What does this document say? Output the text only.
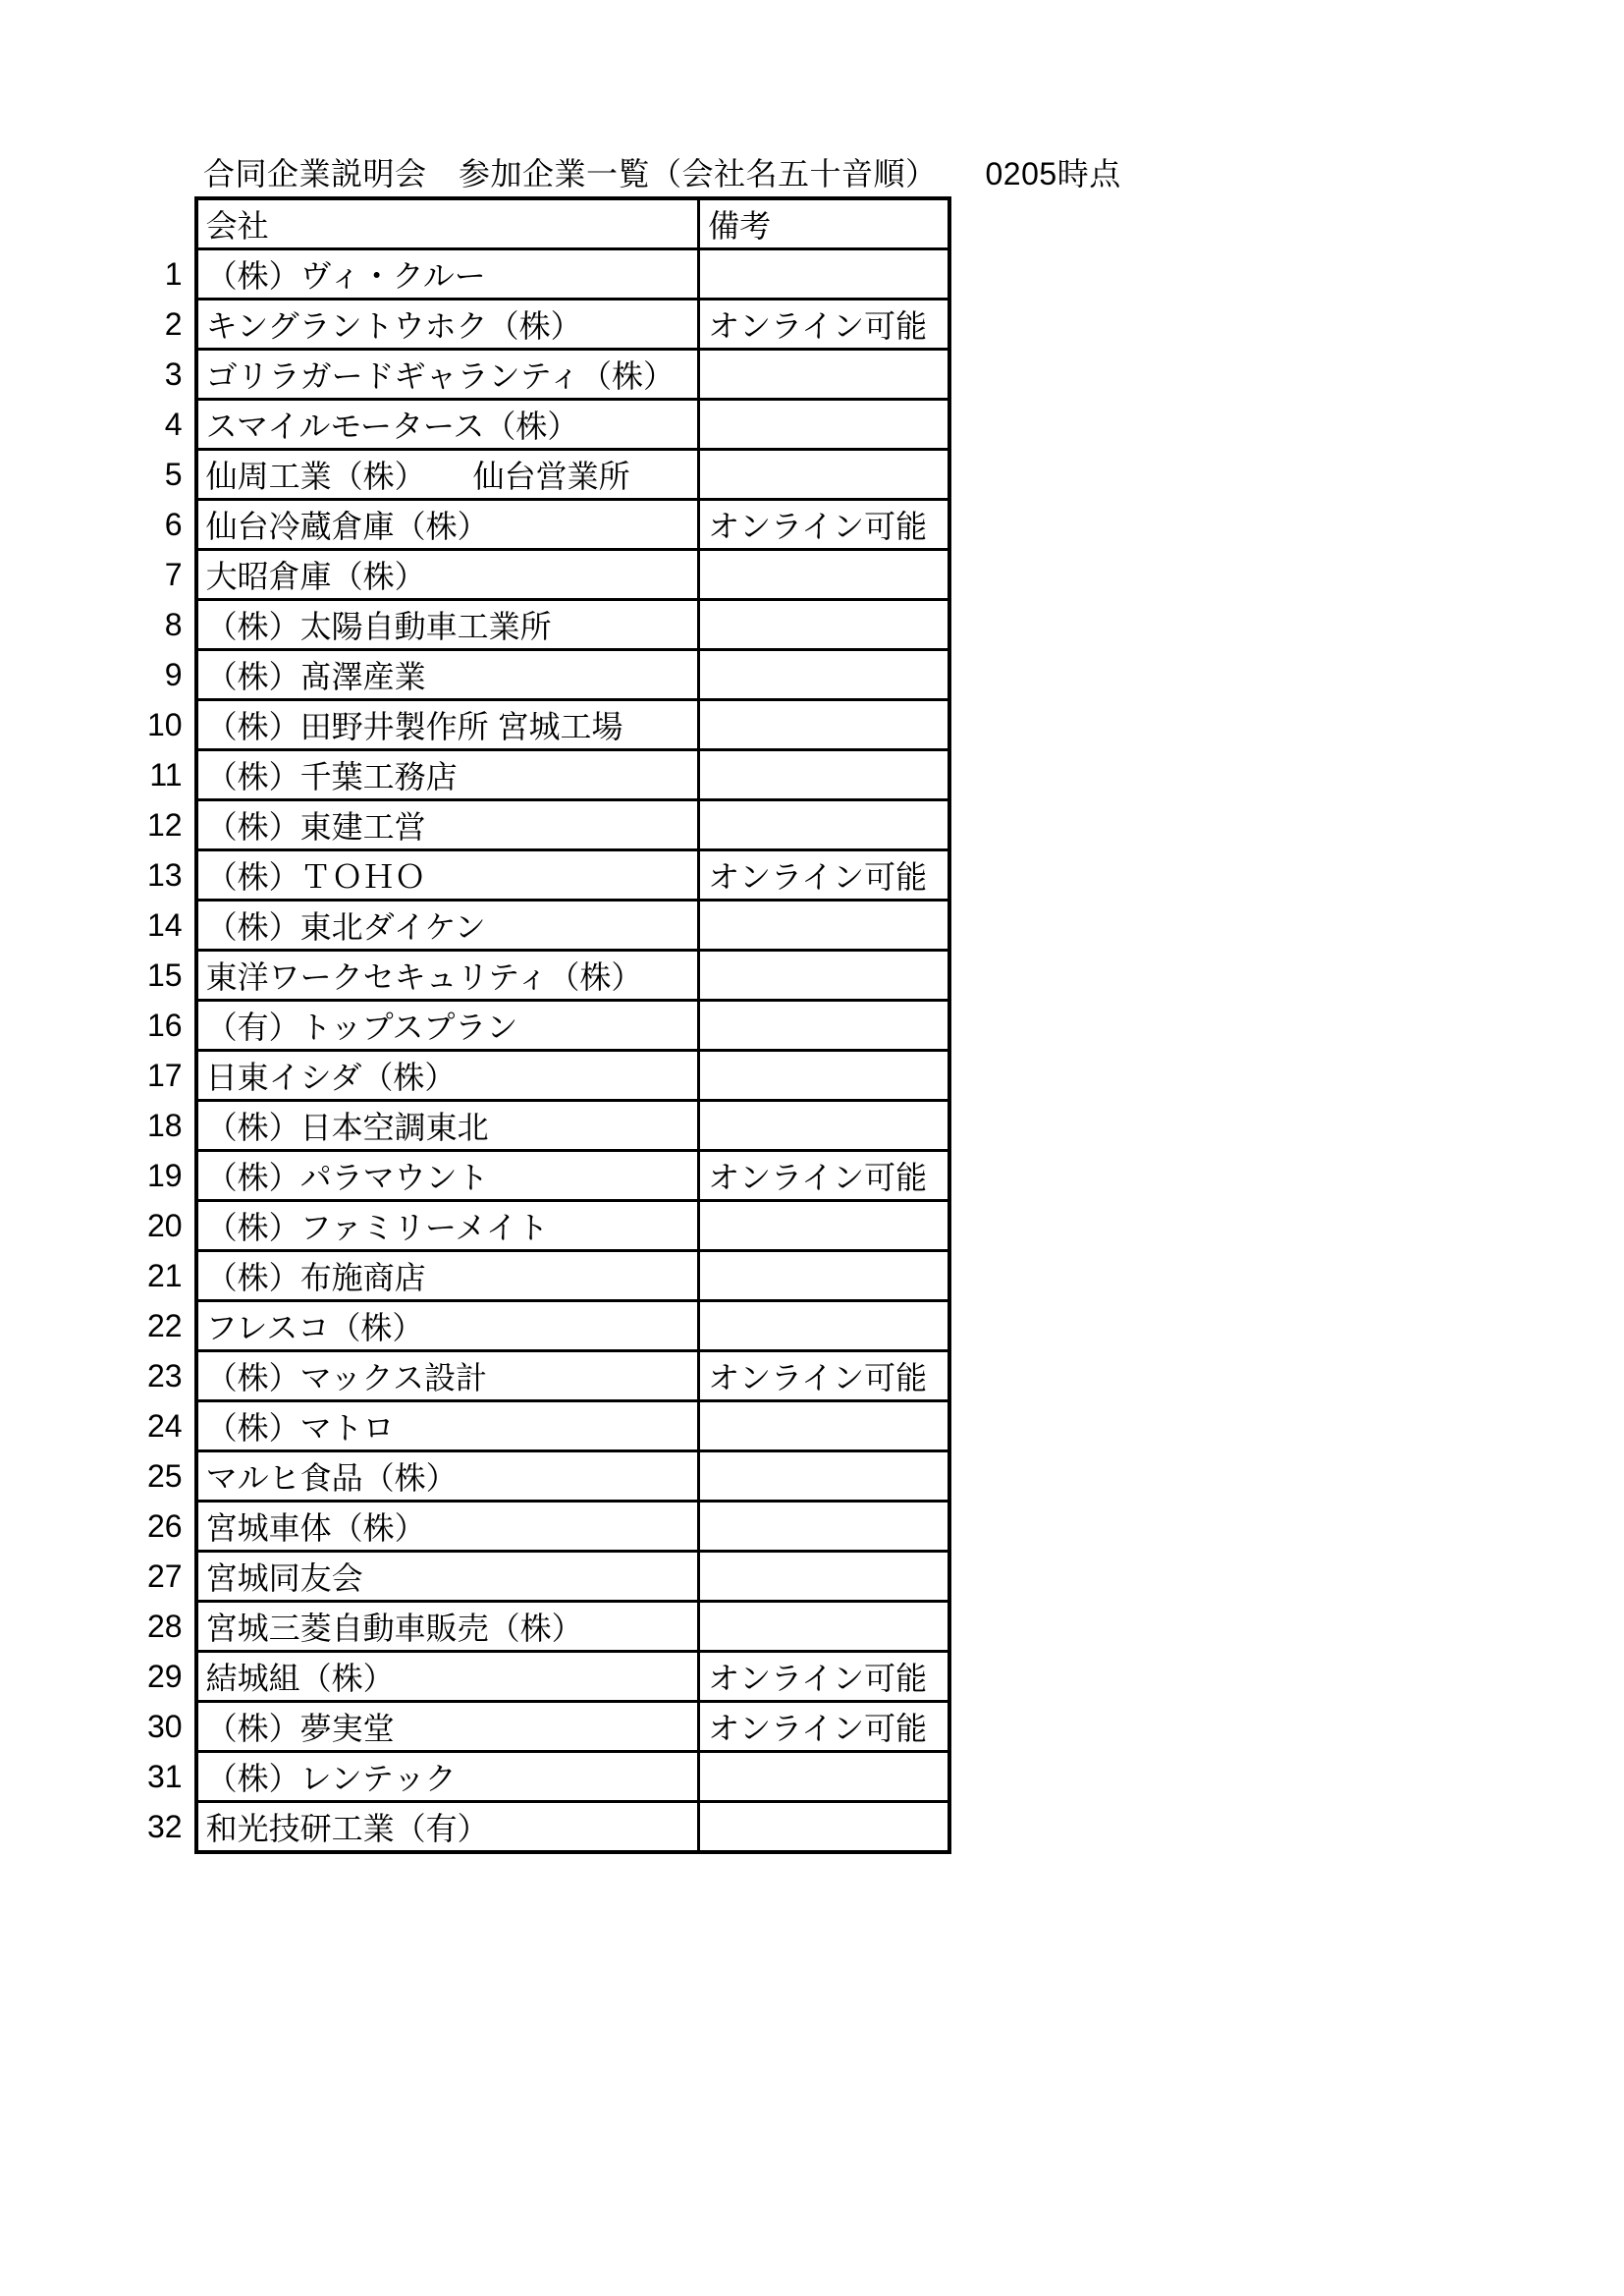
合同企業説明会　参加企業一覧（会社名五十音順）　　0205時点
	会社	備考
1	（株）ヴィ・クルー	
2	キングラントウホク（株）	オンライン可能
3	ゴリラガードギャランティ（株）	
4	スマイルモータース（株）	
5	仙周工業（株）　　仙台営業所	
6	仙台冷蔵倉庫（株）	オンライン可能
7	大昭倉庫（株）	
8	（株）太陽自動車工業所	
9	（株）髙澤産業	
10	（株）田野井製作所 宮城工場	
11	（株）千葉工務店	
12	（株）東建工営	
13	（株）ＴＯＨＯ	オンライン可能
14	（株）東北ダイケン	
15	東洋ワークセキュリティ（株）	
16	（有）トップスプラン	
17	日東イシダ（株）	
18	（株）日本空調東北	
19	（株）パラマウント	オンライン可能
20	（株）ファミリーメイト	
21	（株）布施商店	
22	フレスコ（株）	
23	（株）マックス設計	オンライン可能
24	（株）マトロ	
25	マルヒ食品（株）	
26	宮城車体（株）	
27	宮城同友会	
28	宮城三菱自動車販売（株）	
29	結城組（株）	オンライン可能
30	（株）夢実堂	オンライン可能
31	（株）レンテック	
32	和光技研工業（有）	
